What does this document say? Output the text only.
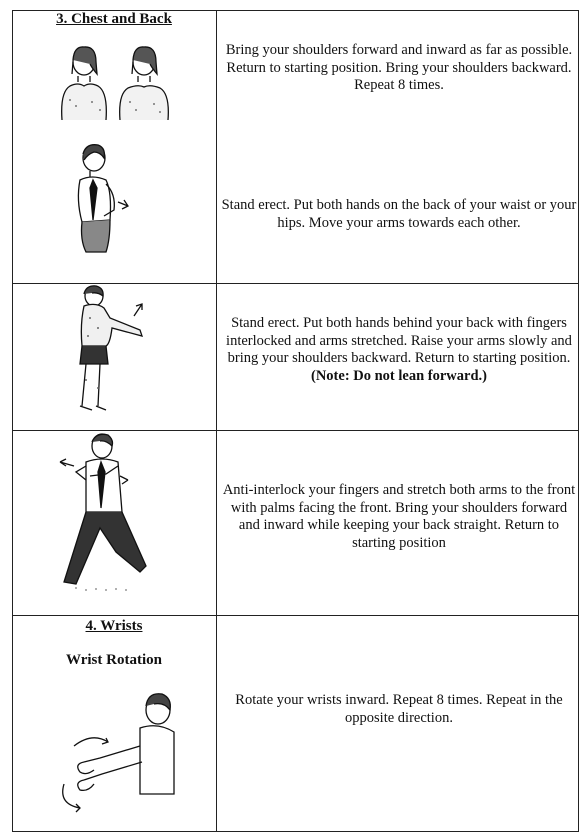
3. Chest and Back
Bring your shoulders forward and inward as far as possible. Return to starting position. Bring your shoulders backward.
Repeat 8 times.
Stand erect. Put both hands on the back of your waist or your hips. Move your arms towards each other.
Stand erect. Put both hands behind your back with fingers interlocked and arms stretched. Raise your arms slowly and bring your shoulders backward. Return to starting position. (Note: Do not lean forward.)
Anti-interlock your fingers and stretch both arms to the front with palms facing the front. Bring your shoulders forward and inward while keeping your back straight. Return to starting position
4. Wrists
Wrist Rotation
Rotate your wrists inward. Repeat 8 times. Repeat in the opposite direction.
